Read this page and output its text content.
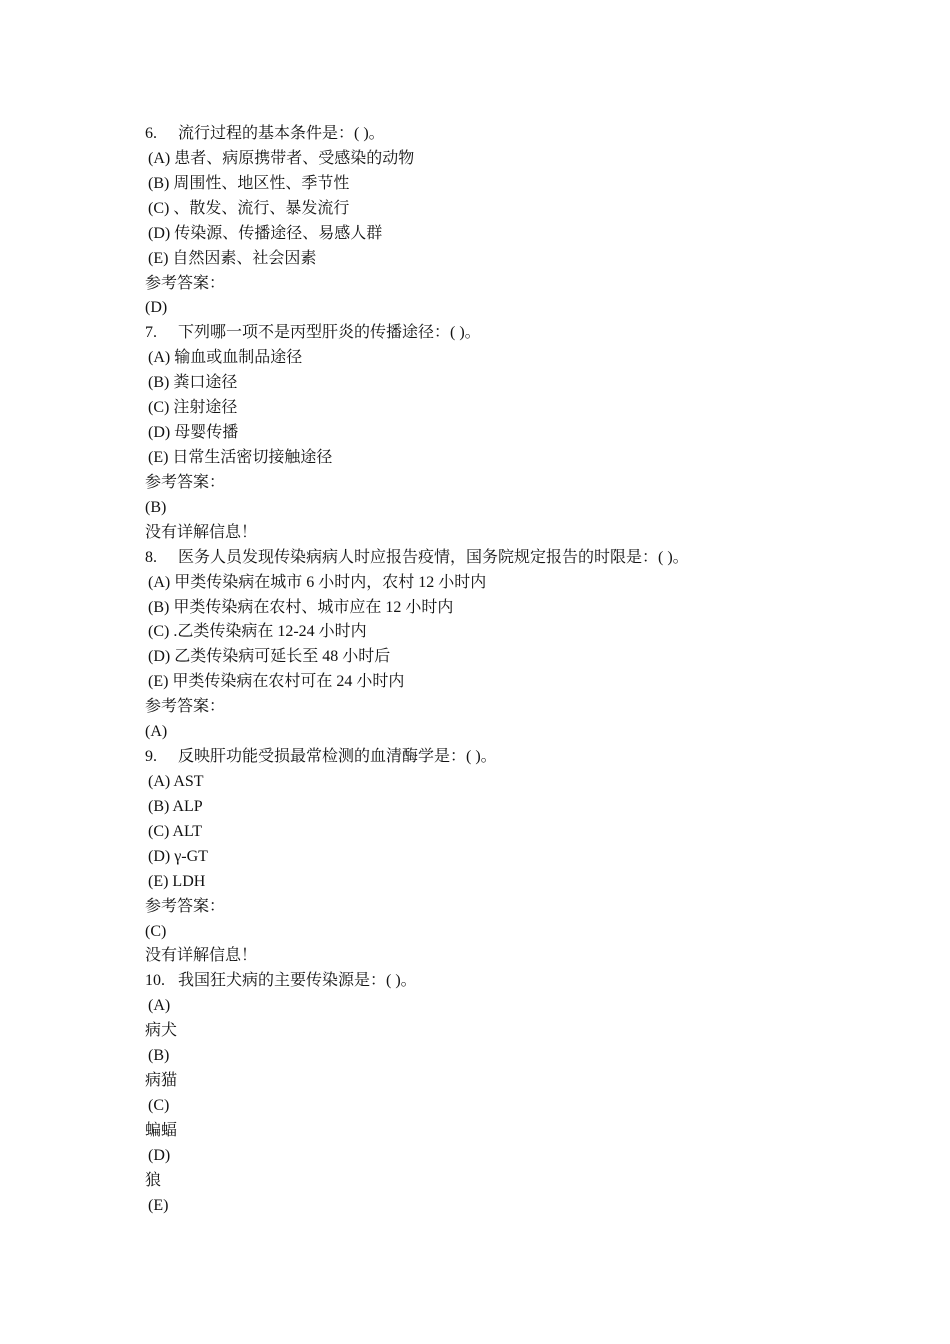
6. 流行过程的基本条件是：( )。
(A) 患者、病原携带者、受感染的动物
(B) 周围性、地区性、季节性
(C) 、散发、流行、暴发流行
(D) 传染源、传播途径、易感人群
(E) 自然因素、社会因素
参考答案：
(D)
7. 下列哪一项不是丙型肝炎的传播途径：( )。
(A) 输血或血制品途径
(B) 粪口途径
(C) 注射途径
(D) 母婴传播
(E) 日常生活密切接触途径
参考答案：
(B)
没有详解信息！
8. 医务人员发现传染病病人时应报告疫情，国务院规定报告的时限是：( )。
(A) 甲类传染病在城市 6 小时内，农村 12 小时内
(B) 甲类传染病在农村、城市应在 12 小时内
(C) .乙类传染病在 12-24 小时内
(D) 乙类传染病可延长至 48 小时后
(E) 甲类传染病在农村可在 24 小时内
参考答案：
(A)
9. 反映肝功能受损最常检测的血清酶学是：( )。
(A) AST
(B) ALP
(C) ALT
(D) γ-GT
(E) LDH
参考答案：
(C)
没有详解信息！
10. 我国狂犬病的主要传染源是：( )。
(A)
病犬
(B)
病猫
(C)
蝙蝠
(D)
狼
(E)
